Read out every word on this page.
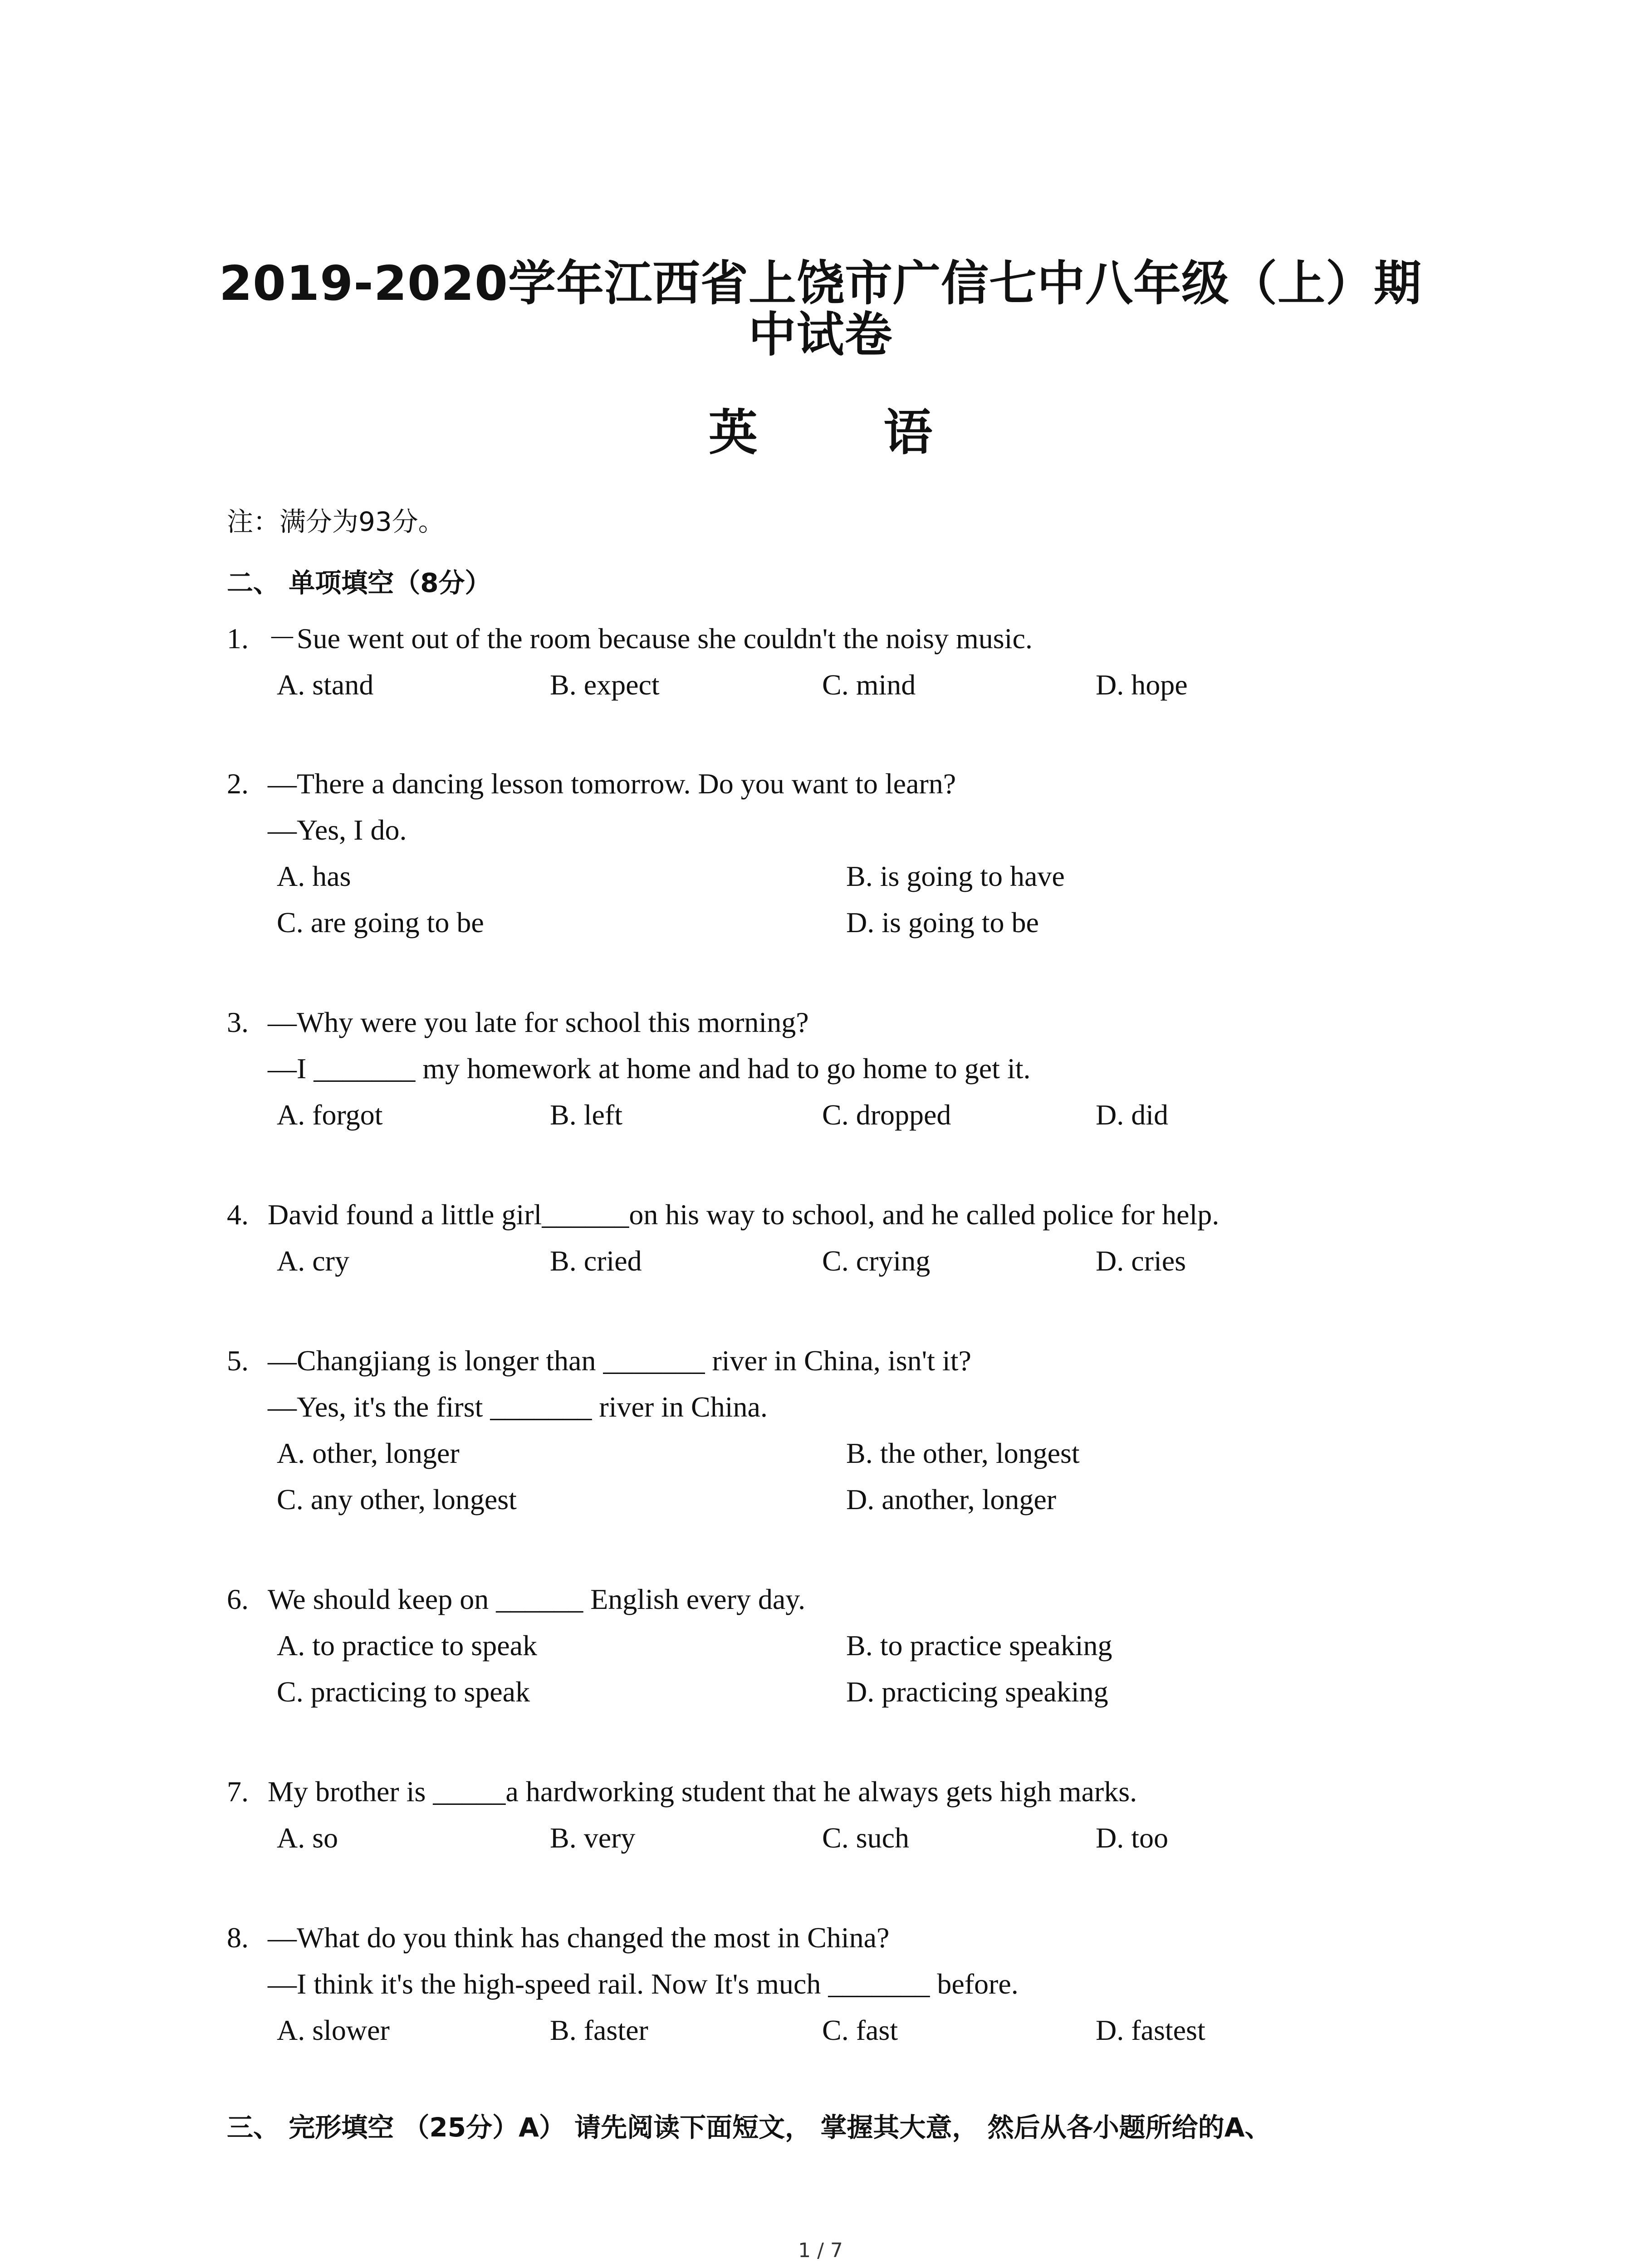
2019-2020学年江西省上饶市广信七中八年级（上）期
中试卷
英 语
注：满分为93分。
二、 单项填空（8分）
1. －Sue went out of the room because she couldn't the noisy music.
A. stand	B. expect	C. mind	D. hope
2. —There a dancing lesson tomorrow. Do you want to learn?
—Yes, I do.
A. has	B. is going to have
C. are going to be	D. is going to be
3. —Why were you late for school this morning?
—I _______ my homework at home and had to go home to get it.
A. forgot	B. left	C. dropped	D. did
4. David found a little girl______on his way to school, and he called police for help.
A. cry	B. cried	C. crying	D. cries
5. —Changjiang is longer than _______ river in China, isn't it?
—Yes, it's the first _______ river in China.
A. other, longer	B. the other, longest
C. any other, longest	D. another, longer
6. We should keep on ______ English every day.
A. to practice to speak	B. to practice speaking
C. practicing to speak	D. practicing speaking
7. My brother is _____a hardworking student that he always gets high marks.
A. so	B. very	C. such	D. too
8. —What do you think has changed the most in China?
—I think it's the high-speed rail. Now It's much _______ before.
A. slower	B. faster	C. fast	D. fastest
三、 完形填空 （25分）A） 请先阅读下面短文， 掌握其大意， 然后从各小题所给的A、
1 / 7
